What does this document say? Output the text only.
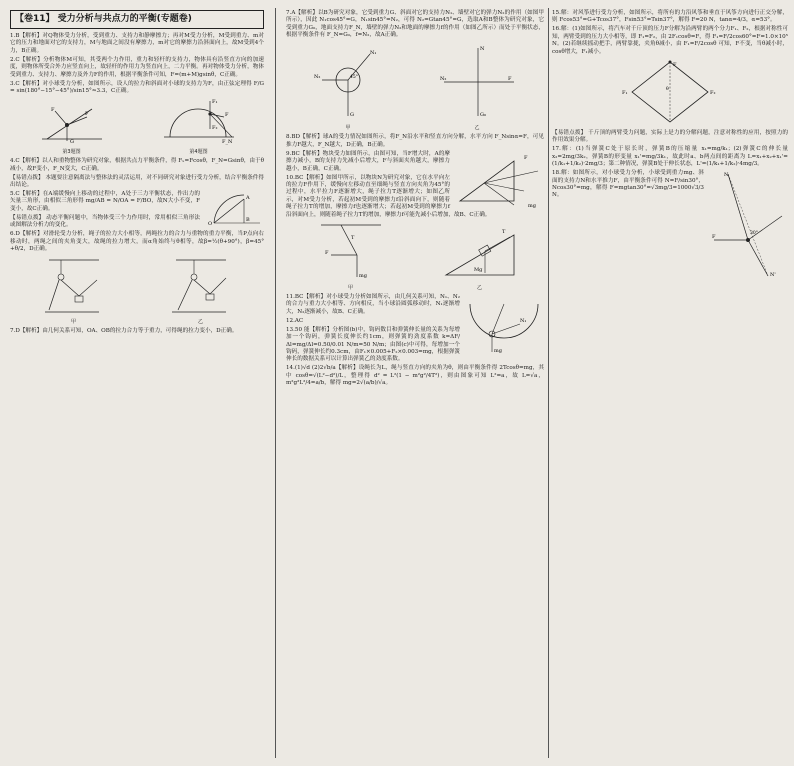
【卷11】 受力分析与共点力的平衡(专题卷)

1.B【解析】对Q物体受力分析，受到重力、支持力和静摩擦力；再对M受力分析，M受到重力、m对它的压力和地面对它的支持力，M与地面之间没有摩擦力，m对它的摩擦力沿斜面向上，故M受到4个力，B正确。

2.C【解析】分析物体M可知，其受两个力作用，重力和轻杆的支持力，物体具有沿竖直方向的加速度，则物体所受合外力应竖直向上，故轻杆的作用力为竖直向上，二力平衡。再对物体受力分析，物体受到重力、支持力、摩擦力及外力F的作用，根据平衡条件可知，F=(m+M)gsinθ，C正确。

3.C【解析】对小球受力分析，如图所示，设人的拉力和斜面对小球的支持力为F，由正弦定理得 F/G = sin(180°−15°−45°)/sin15°≈3.3，C正确。

F
G
F
第3题图
F₁
F
F₂
F_N
第4题图

4.C【解析】以人和重物整体为研究对象，根据共点力平衡条件，得 Fₓ=Fcosθ，F_N=Gsinθ，由于θ减小，故F变小，F_N变大，C正确。

【易错点拨】 本题要注意隔离法与整体法的灵活运用，对不同研究对象进行受力分析，结合平衡条件得出结论。

O
A
B

5.C【解析】在A端缓慢向上移动的过程中，A处于三力平衡状态，作出力的矢量三角形，由相似三角形得 mg/AB = N/OA = F/BO，故N大小不变，F变小，故C正确。

【易错点拨】 动态平衡问题中，当物体受三个力作用时，常用相似三角形法或图解法分析力的变化。

6.D【解析】对滑轮受力分析，绳子的拉力大小相等，两绳拉力的合力与重物的重力平衡，当P点向右移动时，两绳之间的夹角变大，故绳的拉力增大，而α角始终与θ相等，故β=½(θ+90°)，β=45°+θ/2，D正确。

甲	乙

7.D【解析】由几何关系可知，OA、OB的拉力合力等于重力，可得绳的拉力变小，D正确。

7.A【解析】以B为研究对象，它受到重力G、斜面对它的支持力N₁、墙壁对它的弹力N₂的作用（如图甲所示），因此 N₁cos45°=G，N₁sin45°=N₂，可得 N₂=Gtan45°=G，选取A和B整体为研究对象，它受到重力G₀，地面支持力F_N，墙壁的弹力N₂和地面的摩擦力f的作用（如图乙所示）而处于平衡状态，根据平衡条件有 F_N=G₀，f=N₂，故A正确。

N₁
N₂
G
45°
甲
N
G₀
N₂	F
乙

8.BD【解析】球A的受力情况如图所示，将F_N沿水平和竖直方向分解，水平方向 F_Nsinα=F，可见推力F越大，F_N越大，D正确，B正确。

F
mg

9.BC【解析】物块受力如图所示，由图可知，当F增大时，A的摩擦力减小，B的支持力先减小后增大，F与斜面夹角越大，摩擦力越小，B正确，C正确。

10.BC【解析】如图甲所示，以物块N为研究对象，它在水平向左的拉力F作用下，缓慢向左移动直至细绳与竖直方向夹角为45°的过程中，水平拉力F逐渐增大，绳子拉力T逐渐增大；如图乙所示，对M受力分析，若起初M受到的摩擦力f沿斜面向下，则随着绳子拉力T的增加，摩擦力f也逐渐增大；若起初M受到的摩擦力f沿斜面向上，则随着绳子拉力T的增加，摩擦力f可能先减小后增加，故B、C正确。

F
mg
T
甲
T
Mg
乙
mg
N₁

11.BC【解析】对小球受力分析如图所示，由几何关系可知，N₁、N₂的合力与重力大小相等、方向相反，当小球沿圆弧移动时，N₁逐渐增大，N₂逐渐减小，故B、C正确。

12.AC

13.50 能【解析】分析图(b)中，钩码数目和弹簧伸长量的关系为每增加一个钩码，弹簧长度伸长约1cm，则弹簧的劲度系数 k=ΔF/Δl=mg/Δl=0.50/0.01 N/m=50 N/m；由图(c)中可得，每增加一个钩码，弹簧伸长约0.3cm，由F₁×0.005+F₂×0.003=mg，根据弹簧伸长的数据关系可以计算出弹簧乙的劲度系数。

14.(1)√d (2)2√b/a【解析】设绳长为L，绳与竖直方向的夹角为θ，则由平衡条件得 2Tcosθ=mg，其中 cosθ=√(L²−d²)/L，整理得 d² = L²(1 − m²g²/4T²)，则由图象可知 L²=a，故 L=√a，m²g²L²/4=a/b，解得 mg=2√(a/b)/√a。

15.解：对风筝进行受力分析，如图所示，将所有的力沿风筝和垂直于风筝方向进行正交分解，则 Fcos53°=G+Tcos37°，Fsin53°=Tsin37°，解得 F=20 N，tanα=4/3，α=53°。

16.解：(1)如图所示，将汽车对千斤顶的压力F分解为沿两臂的两个分力F₁、F₂，根据对称性可知，两臂受到的压力大小相等，即 F₁=F₂，由 2F₁cosθ=F，得 F₁=F/2cos60°=F=1.0×10⁵ N。(2)若继续摇动把手，两臂靠拢，夹角θ减小，由 F₁=F/2cosθ 可知，F不变，当θ减小时，cosθ增大，F₁减小。

F
F₂
F₁
θ

【易错点拨】 千斤顶的两臂受力问题，实际上是力的分解问题，注意对称性的应用，按照力的作用效果分解。

17.解：(1)当弹簧C处于原长时，弹簧B的压缩量 x₁=mg/k₁；(2)弹簧C的伸长量 x₂=2mg/3k₂，弹簧B的形变量 x₁'=mg/3k₁，故此时a、b两点间的距离为 L=x₁+x₂+x₁'=(1/k₁+1/k₂)·2mg/3；第二种情况，弹簧B处于伸长状态，L'=(1/k₁+1/k₂)·4mg/3。

N
F
N'
30°

18.解：如图所示，对小球受力分析，小球受到重力mg、斜面的支持力N和水平推力F，由平衡条件可得 N=F/sin30°，Ncos30°=mg，解得 F=mgtan30°=√3mg/3=1000√3/3 N。
